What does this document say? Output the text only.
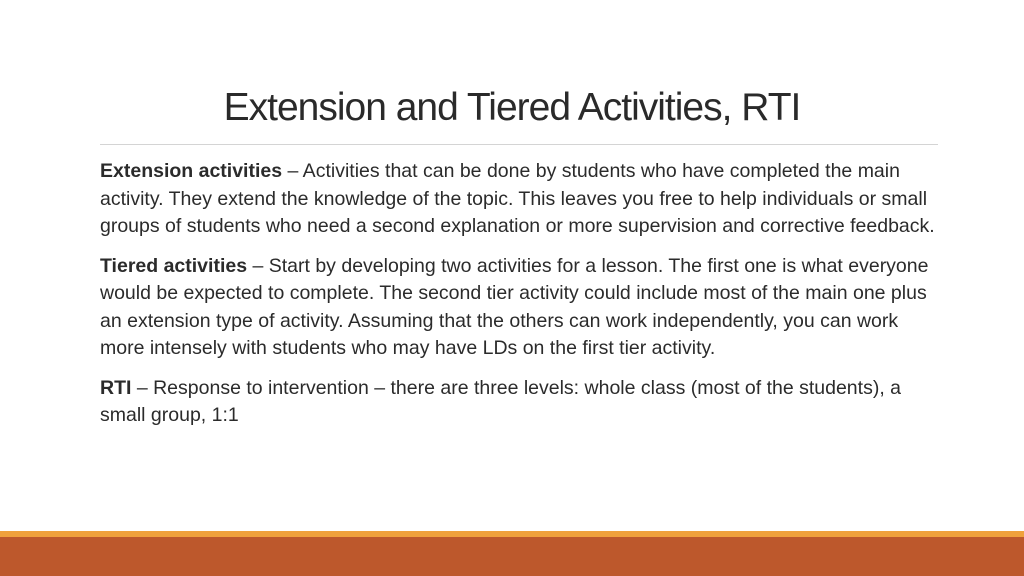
Extension and Tiered Activities, RTI

Extension activities – Activities that can be done by students who have completed the main activity. They extend the knowledge of the topic. This leaves you free to help individuals or small groups of students who need a second explanation or more supervision and corrective feedback.

Tiered activities – Start by developing two activities for a lesson. The first one is what everyone would be expected to complete. The second tier activity could include most of the main one plus an extension type of activity. Assuming that the others can work independently, you can work more intensely with students who may have LDs on the first tier activity.

RTI – Response to intervention – there are three levels: whole class (most of the students), a small group, 1:1
